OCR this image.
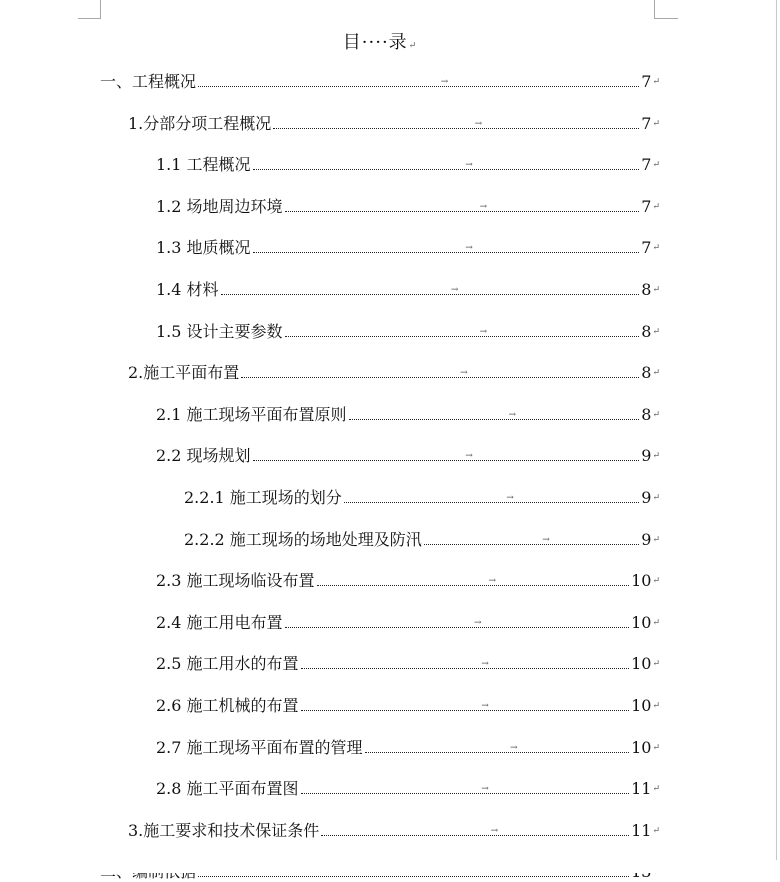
目····录↵
一、工程概况	→	7 ↵
1.分部分项工程概况	→	7 ↵
1.1 工程概况	→	7 ↵
1.2 场地周边环境	→	7 ↵
1.3 地质概况	→	7 ↵
1.4 材料	→	8 ↵
1.5 设计主要参数	→	8 ↵
2.施工平面布置	→	8 ↵
2.1 施工现场平面布置原则	→	8 ↵
2.2 现场规划	→	9 ↵
2.2.1 施工现场的划分	→	9 ↵
2.2.2 施工现场的场地处理及防汛	→	9 ↵
2.3 施工现场临设布置	→	10 ↵
2.4 施工用电布置	→	10 ↵
2.5 施工用水的布置	→	10 ↵
2.6 施工机械的布置	→	10 ↵
2.7 施工现场平面布置的管理	→	10 ↵
2.8 施工平面布置图	→	11 ↵
3.施工要求和技术保证条件	→	11 ↵
